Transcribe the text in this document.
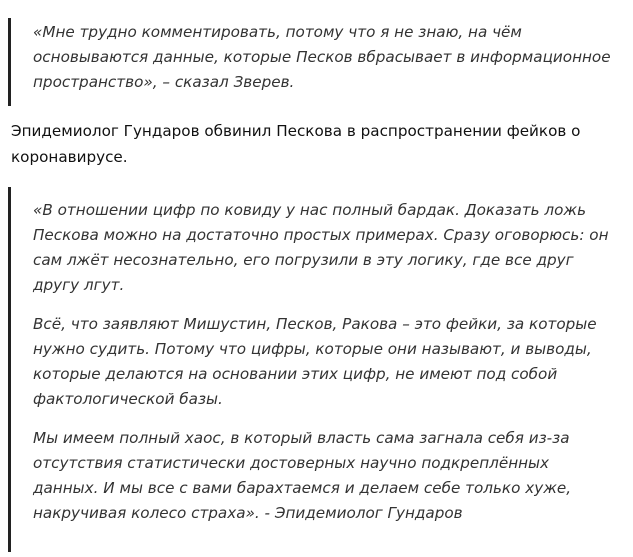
«Мне трудно комментировать, потому что я не знаю, на чём
основываются данные, которые Песков вбрасывает в информационное
пространство», – сказал Зверев.

Эпидемиолог Гундаров обвинил Пескова в распространении фейков о
коронавирусе.

«В отношении цифр по ковиду у нас полный бардак. Доказать ложь
Пескова можно на достаточно простых примерах. Сразу оговорюсь: он
сам лжёт несознательно, его погрузили в эту логику, где все друг
другу лгут.

Всё, что заявляют Мишустин, Песков, Ракова – это фейки, за которые
нужно судить. Потому что цифры, которые они называют, и выводы,
которые делаются на основании этих цифр, не имеют под собой
фактологической базы.

Мы имеем полный хаос, в который власть сама загнала себя из-за
отсутствия статистически достоверных научно подкреплённых
данных. И мы все с вами барахтаемся и делаем себе только хуже,
накручивая колесо страха». - Эпидемиолог Гундаров
